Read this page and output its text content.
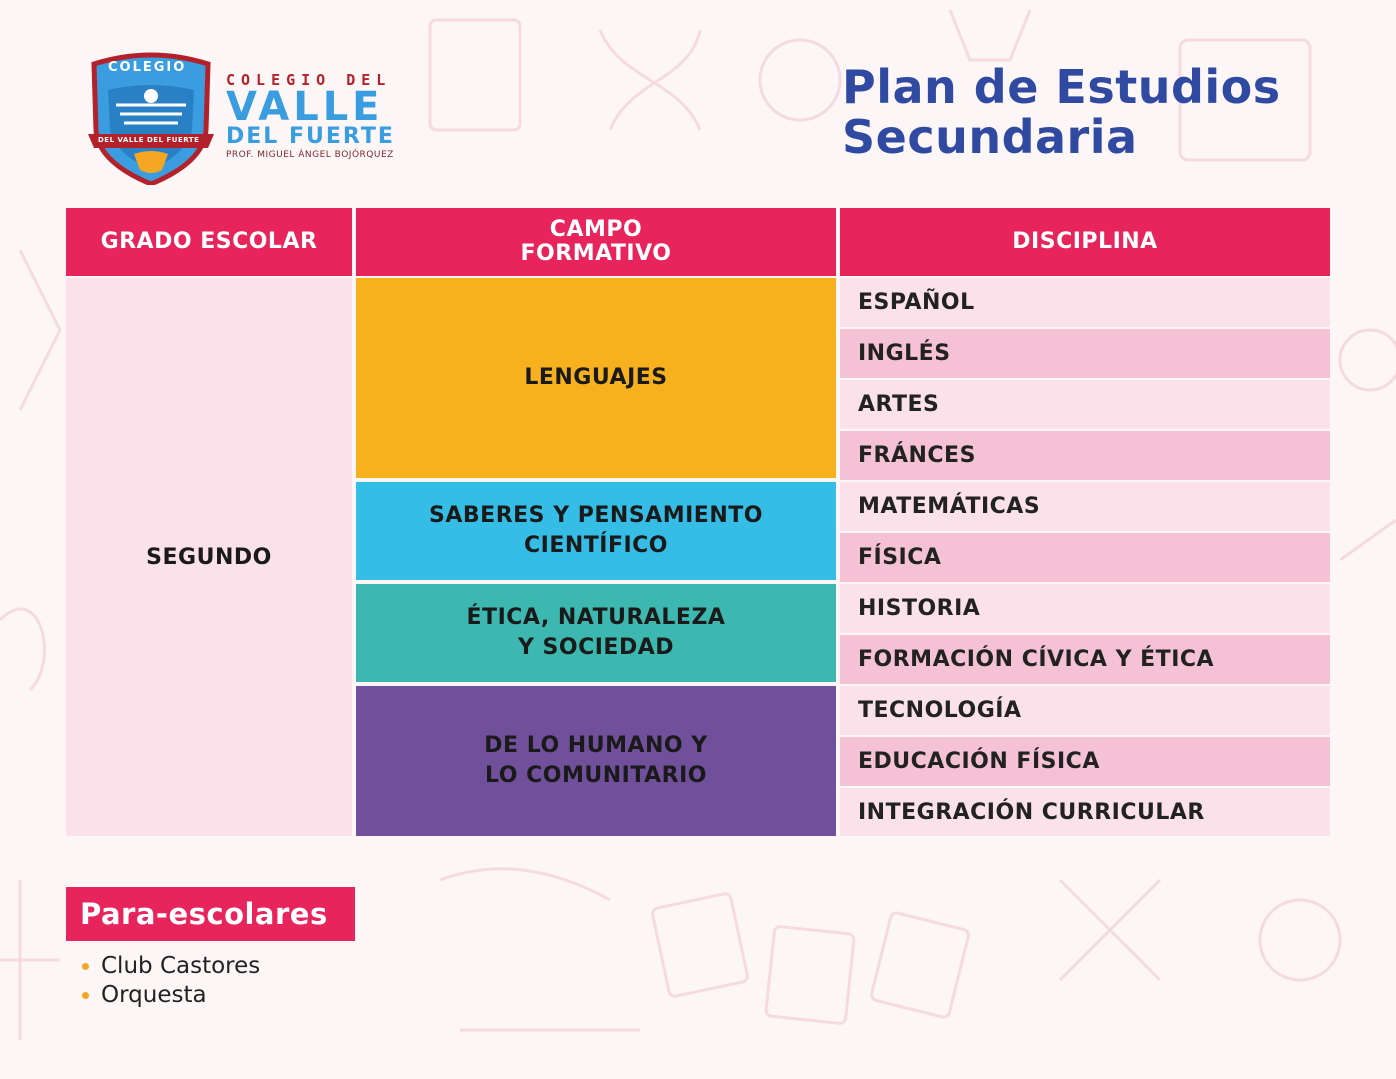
COLEGIO
DEL VALLE DEL FUERTE
COLEGIO DEL
VALLE
DEL FUERTE
PROF. MIGUEL ÁNGEL BOJÓRQUEZ
Plan de Estudios
Secundaria
GRADO ESCOLAR	CAMPO
FORMATIVO	DISCIPLINA
SEGUNDO
LENGUAJES
SABERES Y PENSAMIENTO
CIENTÍFICO
ÉTICA, NATURALEZA
Y SOCIEDAD
DE LO HUMANO Y
LO COMUNITARIO
ESPAÑOL
INGLÉS
ARTES
FRÁNCES
MATEMÁTICAS
FÍSICA
HISTORIA
FORMACIÓN CÍVICA Y ÉTICA
TECNOLOGÍA
EDUCACIÓN FÍSICA
INTEGRACIÓN CURRICULAR
Para-escolares
Club Castores
Orquesta
